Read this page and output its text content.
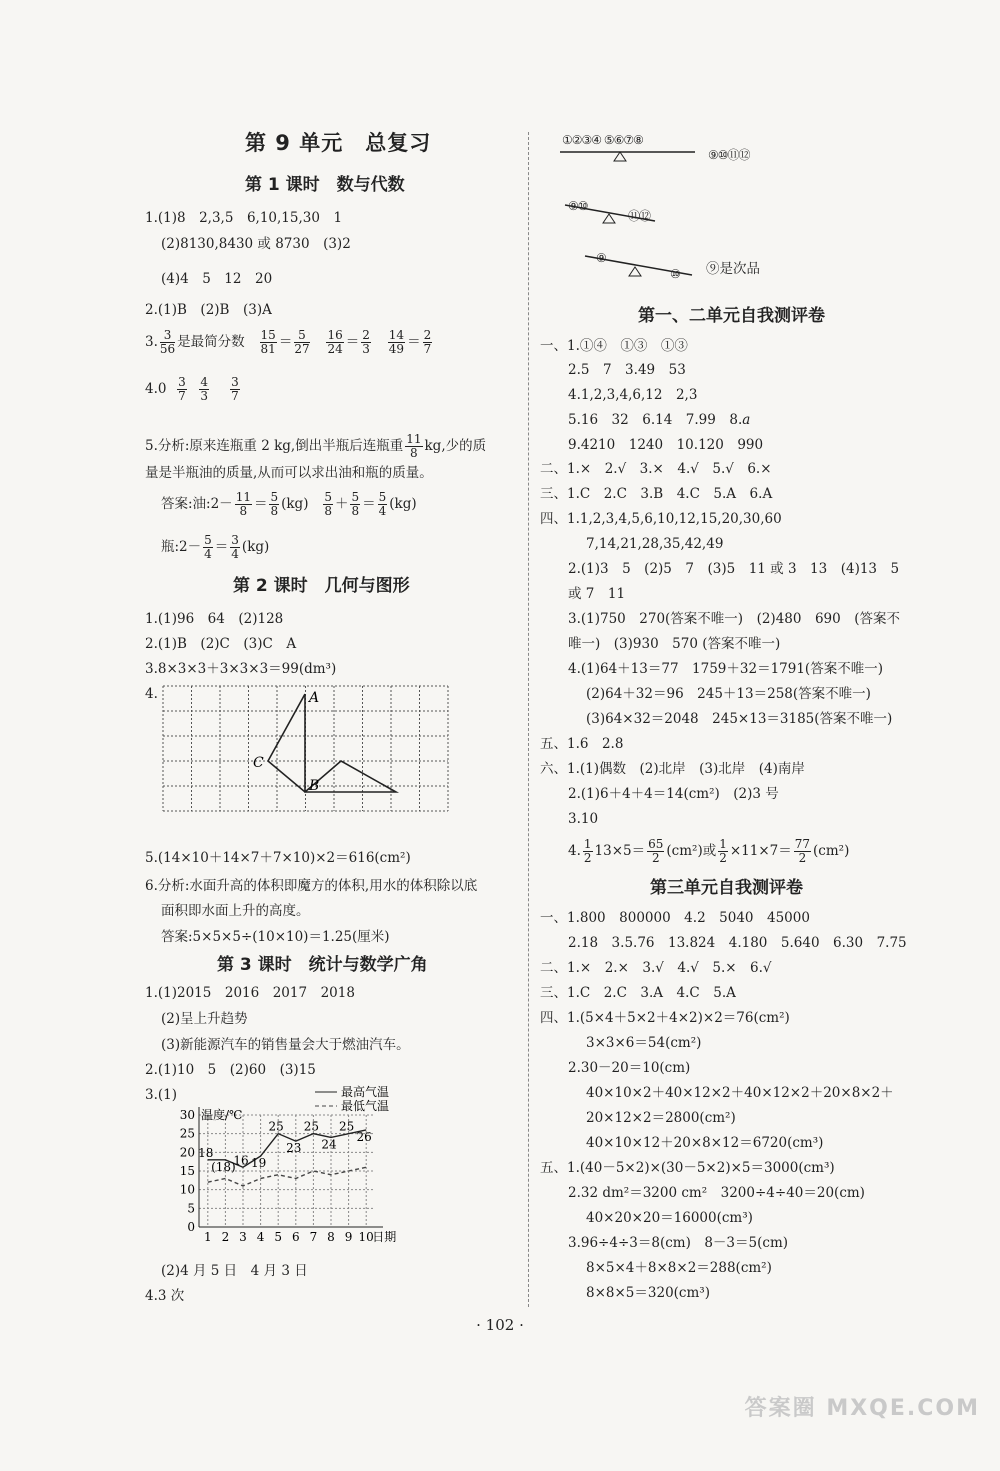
第 9 单元　总复习
第 1 课时　数与代数
1.(1)8　2,3,5　6,10,15,30　1
(2)8130,8430 或 8730　(3)2
(4)4　5　12　20
2.(1)B　(2)B　(3)A
3. $\frac{3}{56}$ 是最简分数 $\frac{15}{81} = \frac{5}{27}$
$\frac{16}{24} = \frac{2}{3}$
$\frac{14}{49} = \frac{2}{7}$
$4.0 \frac{3}{7}$
$\frac{4}{3}$
$\frac{3}{7}$
5.分析:原来连瓶重 2 kg,倒出半瓶后连瓶重 $\frac{11}{8}$ kg,少的质
量是半瓶油的质量,从而可以求出油和瓶的质量。
答案:油:2－ $\frac{11}{8} = \frac{5}{8} (kg) \frac{5}{8} + \frac{5}{8} = \frac{5}{4} (kg)$
瓶:2－ $\frac{5}{4} = \frac{3}{4} (kg)$
第 2 课时　几何与图形
1.(1)96　64　(2)128
2.(1)B　(2)C　(3)C　A
3.8×3×3＋3×3×3＝99(dm³)
4.	A
B
C
5.(14×10＋14×7＋7×10)×2＝616(cm²)
6.分析:水面升高的体积即魔方的体积,用水的体积除以底
面积即水面上升的高度。
答案:5×5×5÷(10×10)＝1.25(厘米)
第 3 课时　统计与数学广角
1.(1)2015　2016　2017　2018
(2)呈上升趋势
(3)新能源汽车的销售量会大于燃油汽车。
2.(1)10　5　(2)60　(3)15
3.(1)
0
5
10
15
20
25
30
1 2 3 4 5 6 7 8 9 10
日期
温度/℃
18
(18)
16 19
25
23
25
24
25
26
最高气温
最低气温
(2)4 月 5 日　4 月 3 日
4.3 次
①②③④ ⑤⑥⑦⑧
⑨⑩⑪⑫
⑨⑩
⑪⑫
⑨
⑩ ⑨是次品
第一、二单元自我测评卷
一、1.①④　①③　①③
2.5　7　3.49　53
4.1,2,3,4,6,12　2,3
5.16　32　6.14　7.99　8.a
9.4210　1240　10.120　990
二、1.×　2.√　3.×　4.√　5.√　6.×
三、1.C　2.C　3.B　4.C　5.A　6.A
四、1.1,2,3,4,5,6,10,12,15,20,30,60
7,14,21,28,35,42,49
2.(1)3　5　(2)5　7　(3)5　11 或 3　13　(4)13　5
或 7　11
3.(1)750　270(答案不唯一)　(2)480　690　(答案不
唯一)　(3)930　570 (答案不唯一)
4.(1)64＋13＝77　1759＋32＝1791(答案不唯一)
(2)64＋32＝96　245＋13＝258(答案不唯一)
(3)64×32＝2048　245×13＝3185(答案不唯一)
五、1.6　2.8
六、1.(1)偶数　(2)北岸　(3)北岸　(4)南岸
2.(1)6＋4＋4＝14(cm²)　(2)3 号
3.10
4. $\frac{1}{2} 13\times 5= \frac{65}{2} (cm^2)$或 $\frac{1}{2} \times 11\times 7= \frac{77}{2} (cm^2)$
第三单元自我测评卷
一、1.800　800000　4.2　5040　45000
2.18　3.5.76　13.824　4.180　5.640　6.30　7.75
二、1.×　2.×　3.√　4.√　5.×　6.√
三、1.C　2.C　3.A　4.C　5.A
四、1.(5×4＋5×2＋4×2)×2＝76(cm²)
3×3×6＝54(cm²)
2.30－20＝10(cm)
40×10×2＋40×12×2＋40×12×2＋20×8×2＋
20×12×2＝2800(cm²)
40×10×12＋20×8×12＝6720(cm³)
五、1.(40－5×2)×(30－5×2)×5＝3000(cm³)
2.32 dm²＝3200 cm²　3200÷4÷40＝20(cm)
40×20×20＝16000(cm³)
3.96÷4÷3＝8(cm)　8－3＝5(cm)
8×5×4＋8×8×2＝288(cm²)
8×8×5＝320(cm³)
· 102 ·
答案圈 MXQE.COM
